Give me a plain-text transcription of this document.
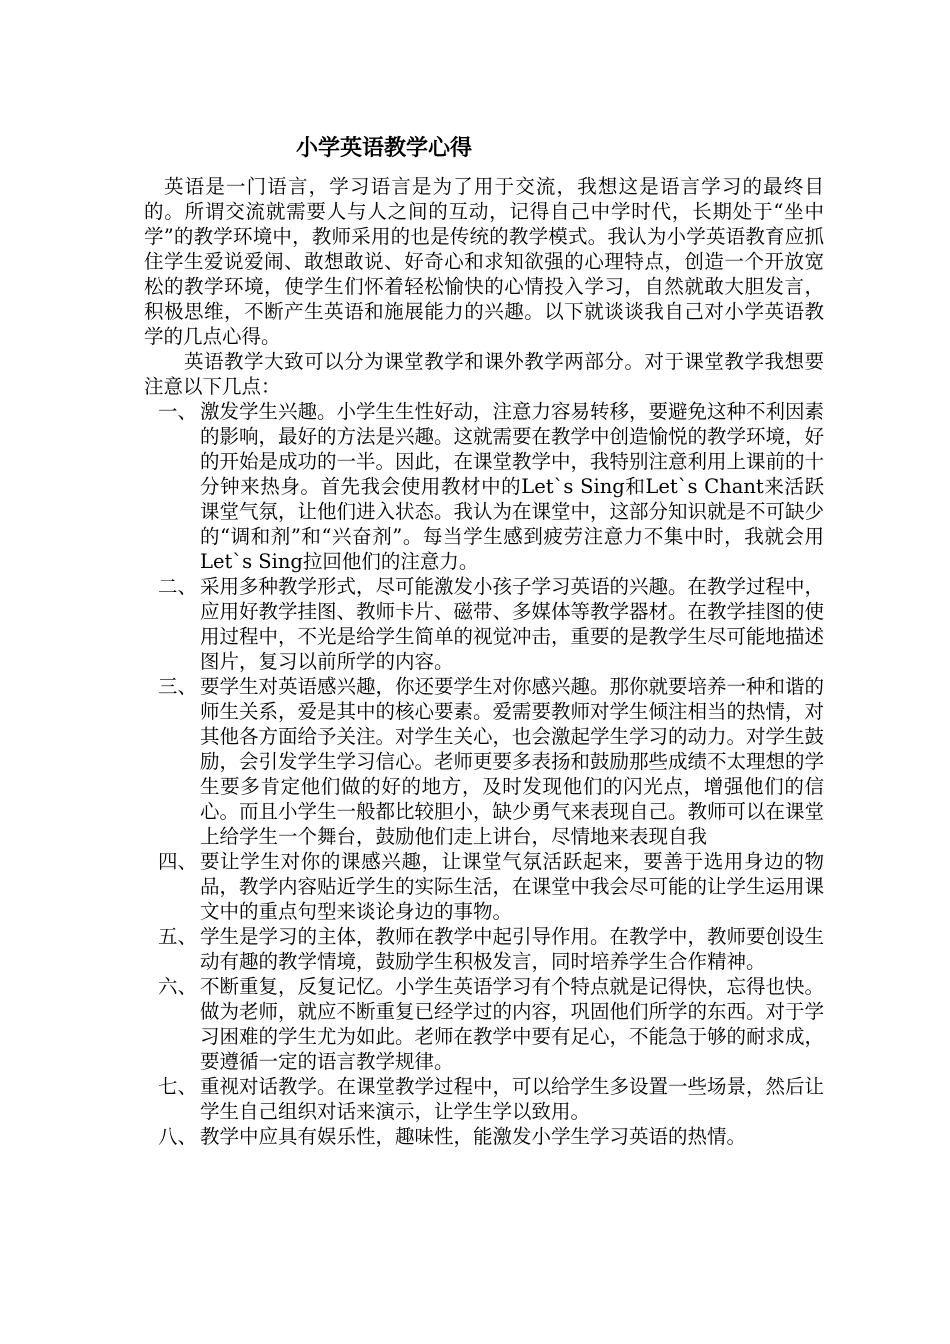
小学英语教学心得

英语是一门语言，学习语言是为了用于交流，我想这是语言学习的最终目的。所谓交流就需要人与人之间的互动，记得自己中学时代，长期处于“坐中学”的教学环境中，教师采用的也是传统的教学模式。我认为小学英语教育应抓住学生爱说爱闹、敢想敢说、好奇心和求知欲强的心理特点，创造一个开放宽松的教学环境，使学生们怀着轻松愉快的心情投入学习，自然就敢大胆发言，积极思维，不断产生英语和施展能力的兴趣。以下就谈谈我自己对小学英语教学的几点心得。

英语教学大致可以分为课堂教学和课外教学两部分。对于课堂教学我想要注意以下几点：

一、 激发学生兴趣。小学生生性好动，注意力容易转移，要避免这种不利因素的影响，最好的方法是兴趣。这就需要在教学中创造愉悦的教学环境，好的开始是成功的一半。因此，在课堂教学中，我特别注意利用上课前的十分钟来热身。首先我会使用教材中的Let`s Sing和Let`s Chant来活跃课堂气氛，让他们进入状态。我认为在课堂中，这部分知识就是不可缺少的“调和剂”和“兴奋剂”。每当学生感到疲劳注意力不集中时，我就会用Let`s Sing拉回他们的注意力。
二、 采用多种教学形式，尽可能激发小孩子学习英语的兴趣。在教学过程中，应用好教学挂图、教师卡片、磁带、多媒体等教学器材。在教学挂图的使用过程中，不光是给学生简单的视觉冲击，重要的是教学生尽可能地描述图片，复习以前所学的内容。
三、 要学生对英语感兴趣，你还要学生对你感兴趣。那你就要培养一种和谐的师生关系，爱是其中的核心要素。爱需要教师对学生倾注相当的热情，对其他各方面给予关注。对学生关心，也会激起学生学习的动力。对学生鼓励，会引发学生学习信心。老师更要多表扬和鼓励那些成绩不太理想的学生要多肯定他们做的好的地方，及时发现他们的闪光点，增强他们的信心。而且小学生一般都比较胆小，缺少勇气来表现自己。教师可以在课堂上给学生一个舞台，鼓励他们走上讲台，尽情地来表现自我
四、 要让学生对你的课感兴趣，让课堂气氛活跃起来，要善于选用身边的物品，教学内容贴近学生的实际生活，在课堂中我会尽可能的让学生运用课文中的重点句型来谈论身边的事物。
五、 学生是学习的主体，教师在教学中起引导作用。在教学中，教师要创设生动有趣的教学情境，鼓励学生积极发言，同时培养学生合作精神。
六、 不断重复，反复记忆。小学生英语学习有个特点就是记得快，忘得也快。做为老师，就应不断重复已经学过的内容，巩固他们所学的东西。对于学习困难的学生尤为如此。老师在教学中要有足心，不能急于够的耐求成，要遵循一定的语言教学规律。
七、 重视对话教学。在课堂教学过程中，可以给学生多设置一些场景，然后让学生自己组织对话来演示，让学生学以致用。
八、 教学中应具有娱乐性，趣味性，能激发小学生学习英语的热情。
